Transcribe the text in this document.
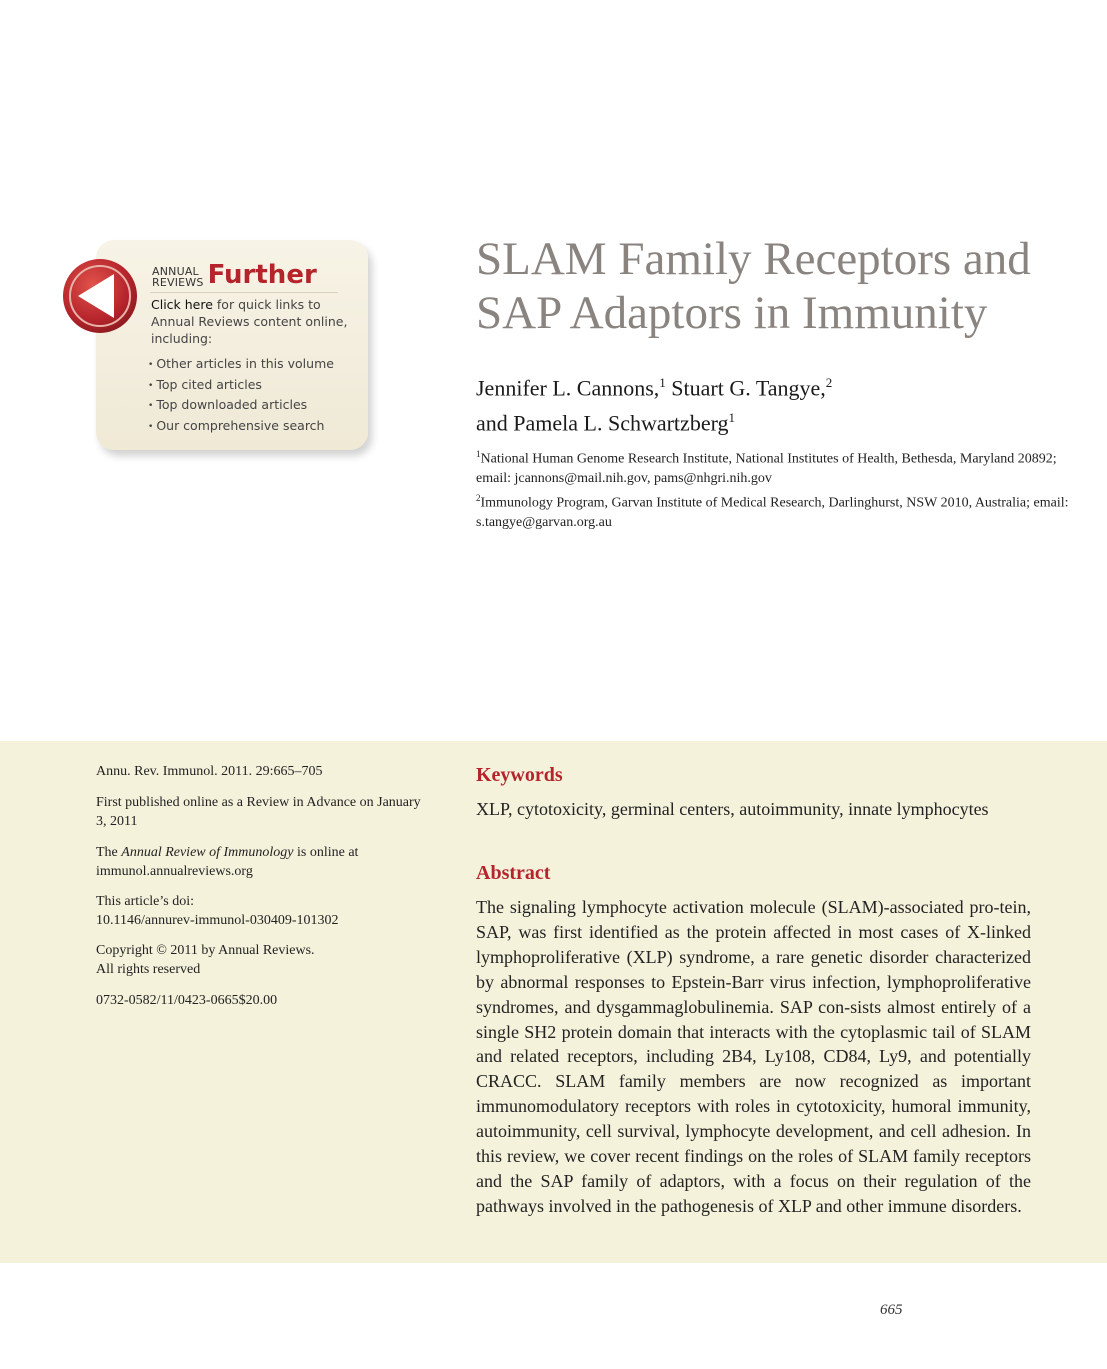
ANNUAL
REVIEWS Further
Click here for quick links to Annual Reviews content online, including:
• Other articles in this volume
• Top cited articles
• Top downloaded articles
• Our comprehensive search
SLAM Family Receptors and SAP Adaptors in Immunity
Jennifer L. Cannons,$^1$ Stuart G. Tangye,$^2$
and Pamela L. Schwartzberg$^1$
$^1$National Human Genome Research Institute, National Institutes of Health, Bethesda, Maryland 20892; email: jcannons@mail.nih.gov, pams@nhgri.nih.gov
$^2$Immunology Program, Garvan Institute of Medical Research, Darlinghurst, NSW 2010, Australia; email: s.tangye@garvan.org.au
Annu. Rev. Immunol. 2011. 29:665–705
First published online as a Review in Advance on January 3, 2011
The Annual Review of Immunology is online at immunol.annualreviews.org
This article’s doi:
10.1146/annurev-immunol-030409-101302
Copyright © 2011 by Annual Reviews.
All rights reserved
0732-0582/11/0423-0665$20.00
Keywords
XLP, cytotoxicity, germinal centers, autoimmunity, innate lymphocytes
Abstract

The signaling lymphocyte activation molecule (SLAM)-associated pro-tein, SAP, was first identified as the protein affected in most cases of X-linked lymphoproliferative (XLP) syndrome, a rare genetic disorder characterized by abnormal responses to Epstein-Barr virus infection, lymphoproliferative syndromes, and dysgammaglobulinemia. SAP con-sists almost entirely of a single SH2 protein domain that interacts with the cytoplasmic tail of SLAM and related receptors, including 2B4, Ly108, CD84, Ly9, and potentially CRACC. SLAM family members are now recognized as important immunomodulatory receptors with roles in cytotoxicity, humoral immunity, autoimmunity, cell survival, lymphocyte development, and cell adhesion. In this review, we cover recent findings on the roles of SLAM family receptors and the SAP family of adaptors, with a focus on their regulation of the pathways involved in the pathogenesis of XLP and other immune disorders.

665
